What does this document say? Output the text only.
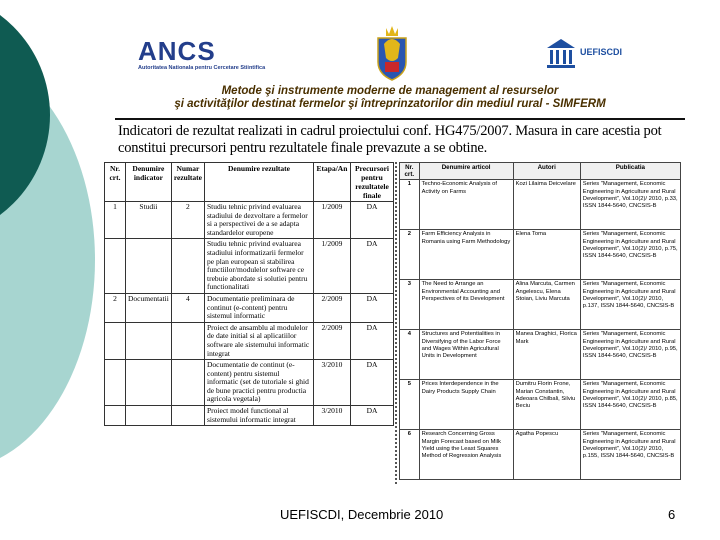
ANCS
Autoritatea Nationala pentru Cercetare Stiintifica
UEFISCDI
Metode şi instrumente moderne de management al resurselor
şi activităţilor destinat fermelor şi întreprinzatorilor din mediul rural - SIMFERM
Indicatori de rezultat realizati in cadrul proiectului conf. HG475/2007. Masura in care acestia pot constitui precursori pentru rezultatele finale prevazute a se obtine.
Nr. crt.	Denumire indicator	Numar rezultate	Denumire rezultate	Etapa/An	Precursori pentru rezultatele finale
1	Studii	2	Studiu tehnic privind evaluarea stadiului de dezvoltare a fermelor si a perspectivei de a se adapta standardelor europene	1/2009	DA
			Studiu tehnic privind evaluarea stadiului informatizarii fermelor pe plan european si stabilirea functiilor/modulelor software ce trebuie abordate si solutiei pentru functionalitati	1/2009	DA
2	Documentatii	4	Documentatie preliminara de continut (e-content) pentru sistemul informatic	2/2009	DA
			Proiect de ansamblu al modulelor de date initial si al aplicatiilor software ale sistemului informatic integrat	2/2009	DA
			Documentatie de continut (e-content) pentru sistemul informatic (set de tutoriale si ghid de bune practici pentru productia agricola vegetala)	3/2010	DA
			Proiect model functional al sistemului informatic integrat	3/2010	DA
Nr. crt.	Denumire articol	Autori	Publicatia
1	Techno-Economic Analysis of Activity on Farms	Kozi Lilaima Deicvelare	Series "Management, Economic Engineering in Agriculture and Rural Development", Vol.10(2)/ 2010, p.33, ISSN 1844-5640, CNCSIS-B
2	Farm Efficiency Analysis in Romania using Farm Methodology	Elena Toma	Series "Management, Economic Engineering in Agriculture and Rural Development", Vol.10(2)/ 2010, p.75, ISSN 1844-5640, CNCSIS-B
3	The Need to Arrange an Environmental Accounting and Perspectives of its Development	Alina Marcuta, Carmen Angelescu, Elena Stoian, Liviu Marcuta	Series "Management, Economic Engineering in Agriculture and Rural Development", Vol.10(2)/ 2010, p.137, ISSN 1844-5640, CNCSIS-B
4	Structures and Potentialities in Diversifying of the Labor Force and Wages Within Agricultural Units in Development	Manea Draghici, Florica Mark	Series "Management, Economic Engineering in Agriculture and Rural Development", Vol.10(2)/ 2010, p.95, ISSN 1844-5640, CNCSIS-B
5	Prices Interdependence in the Dairy Products Supply Chain	Dumitru Florin Frone, Marian Constantin, Adeoara Chilbali, Silviu Beciu	Series "Management, Economic Engineering in Agriculture and Rural Development", Vol.10(2)/ 2010, p.85, ISSN 1844-5640, CNCSIS-B
6	Research Concerning Gross Margin Forecast based on Milk Yield using the Least Squares Method of Regression Analysis	Agatha Popescu	Series "Management, Economic Engineering in Agriculture and Rural Development", Vol.10(2)/ 2010, p.155, ISSN 1844-5640, CNCSIS-B
UEFISCDI, Decembrie 2010	6
